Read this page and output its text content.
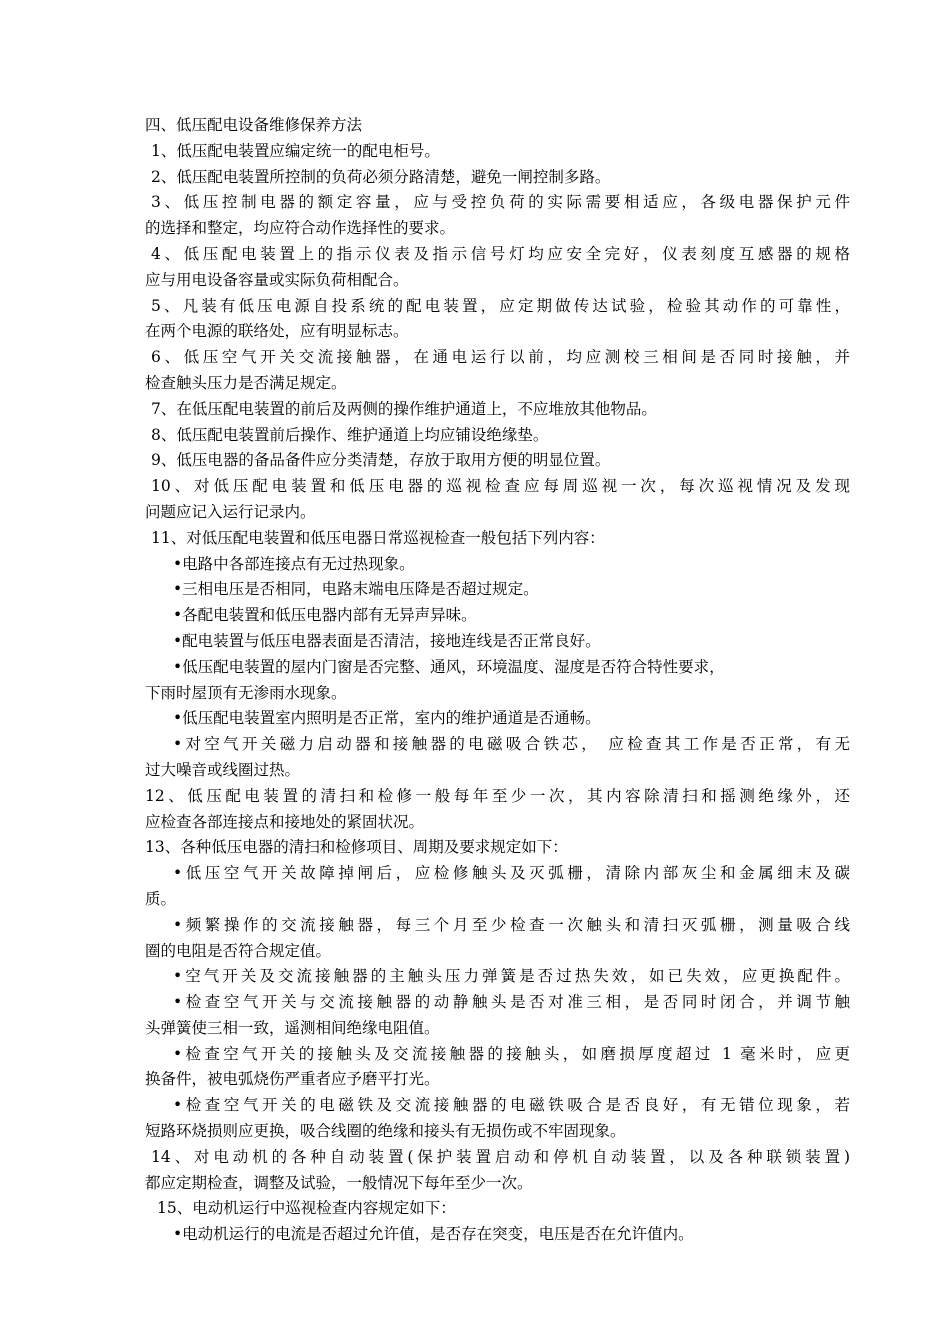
四、低压配电设备维修保养方法
1、低压配电装置应编定统一的配电柜号。
2、低压配电装置所控制的负荷必须分路清楚，避免一闸控制多路。
3、低压控制电器的额定容量，应与受控负荷的实际需要相适应，各级电器保护元件
的选择和整定，均应符合动作选择性的要求。
4、低压配电装置上的指示仪表及指示信号灯均应安全完好，仪表刻度互感器的规格
应与用电设备容量或实际负荷相配合。
5、凡装有低压电源自投系统的配电装置，应定期做传达试验，检验其动作的可靠性，
在两个电源的联络处，应有明显标志。
6、低压空气开关交流接触器，在通电运行以前，均应测校三相间是否同时接触，并
检查触头压力是否满足规定。
7、在低压配电装置的前后及两侧的操作维护通道上，不应堆放其他物品。
8、低压配电装置前后操作、维护通道上均应铺设绝缘垫。
9、低压电器的备品备件应分类清楚，存放于取用方便的明显位置。
10、对低压配电装置和低压电器的巡视检查应每周巡视一次，每次巡视情况及发现
问题应记入运行记录内。
11、对低压配电装置和低压电器日常巡视检查一般包括下列内容：
•电路中各部连接点有无过热现象。
•三相电压是否相同，电路末端电压降是否超过规定。
•各配电装置和低压电器内部有无异声异味。
•配电装置与低压电器表面是否清洁，接地连线是否正常良好。
•低压配电装置的屋内门窗是否完整、通风，环境温度、湿度是否符合特性要求，
下雨时屋顶有无渗雨水现象。
•低压配电装置室内照明是否正常，室内的维护通道是否通畅。
•对空气开关磁力启动器和接触器的电磁吸合铁芯， 应检查其工作是否正常，有无
过大噪音或线圈过热。
12、低压配电装置的清扫和检修一般每年至少一次，其内容除清扫和摇测绝缘外，还
应检查各部连接点和接地处的紧固状况。
13、各种低压电器的清扫和检修项目、周期及要求规定如下：
•低压空气开关故障掉闸后，应检修触头及灭弧栅，清除内部灰尘和金属细末及碳
质。
•频繁操作的交流接触器，每三个月至少检查一次触头和清扫灭弧栅，测量吸合线
圈的电阻是否符合规定值。
•空气开关及交流接触器的主触头压力弹簧是否过热失效，如已失效，应更换配件。
•检查空气开关与交流接触器的动静触头是否对准三相，是否同时闭合，并调节触
头弹簧使三相一致，遥测相间绝缘电阻值。
•检查空气开关的接触头及交流接触器的接触头，如磨损厚度超过 1 毫米时，应更
换备件，被电弧烧伤严重者应予磨平打光。
•检查空气开关的电磁铁及交流接触器的电磁铁吸合是否良好，有无错位现象，若
短路环烧损则应更换，吸合线圈的绝缘和接头有无损伤或不牢固现象。
14、对电动机的各种自动装置(保护装置启动和停机自动装置，以及各种联锁装置)
都应定期检查，调整及试验，一般情况下每年至少一次。
15、电动机运行中巡视检查内容规定如下：
•电动机运行的电流是否超过允许值，是否存在突变，电压是否在允许值内。
